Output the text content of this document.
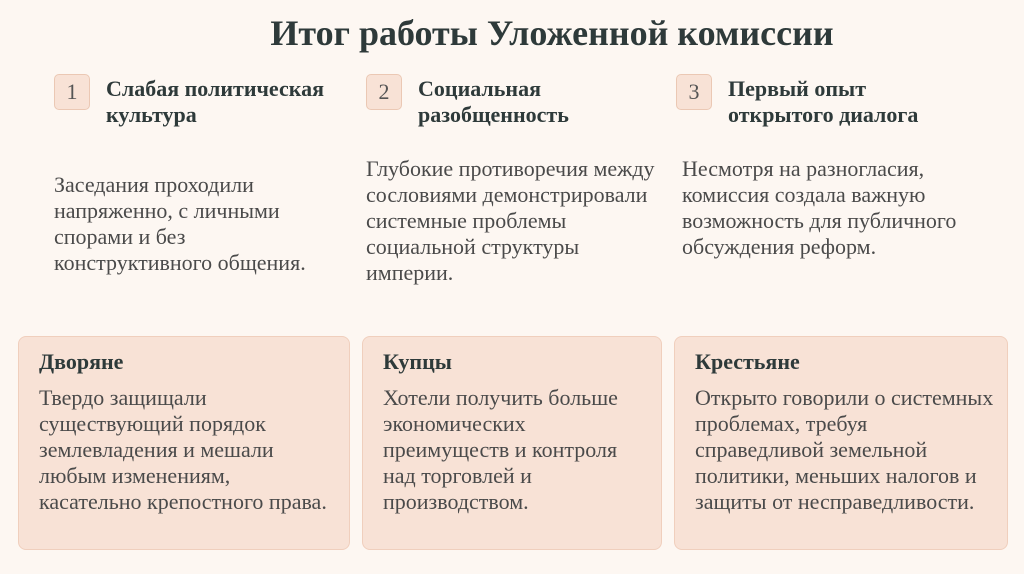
Итог работы Уложенной комиссии
1	Слабая политическая культура
Заседания проходили напряженно, с личными спорами и без конструктивного общения.
2	Социальная разобщенность
Глубокие противоречия между сословиями демонстрировали системные проблемы социальной структуры империи.
3	Первый опыт открытого диалога
Несмотря на разногласия, комиссия создала важную возможность для публичного обсуждения реформ.
Дворяне
Твердо защищали существующий порядок землевладения и мешали любым изменениям, касательно крепостного права.
Купцы
Хотели получить больше экономических преимуществ и контроля над торговлей и производством.
Крестьяне
Открыто говорили о системных проблемах, требуя справедливой земельной политики, меньших налогов и защиты от несправедливости.
